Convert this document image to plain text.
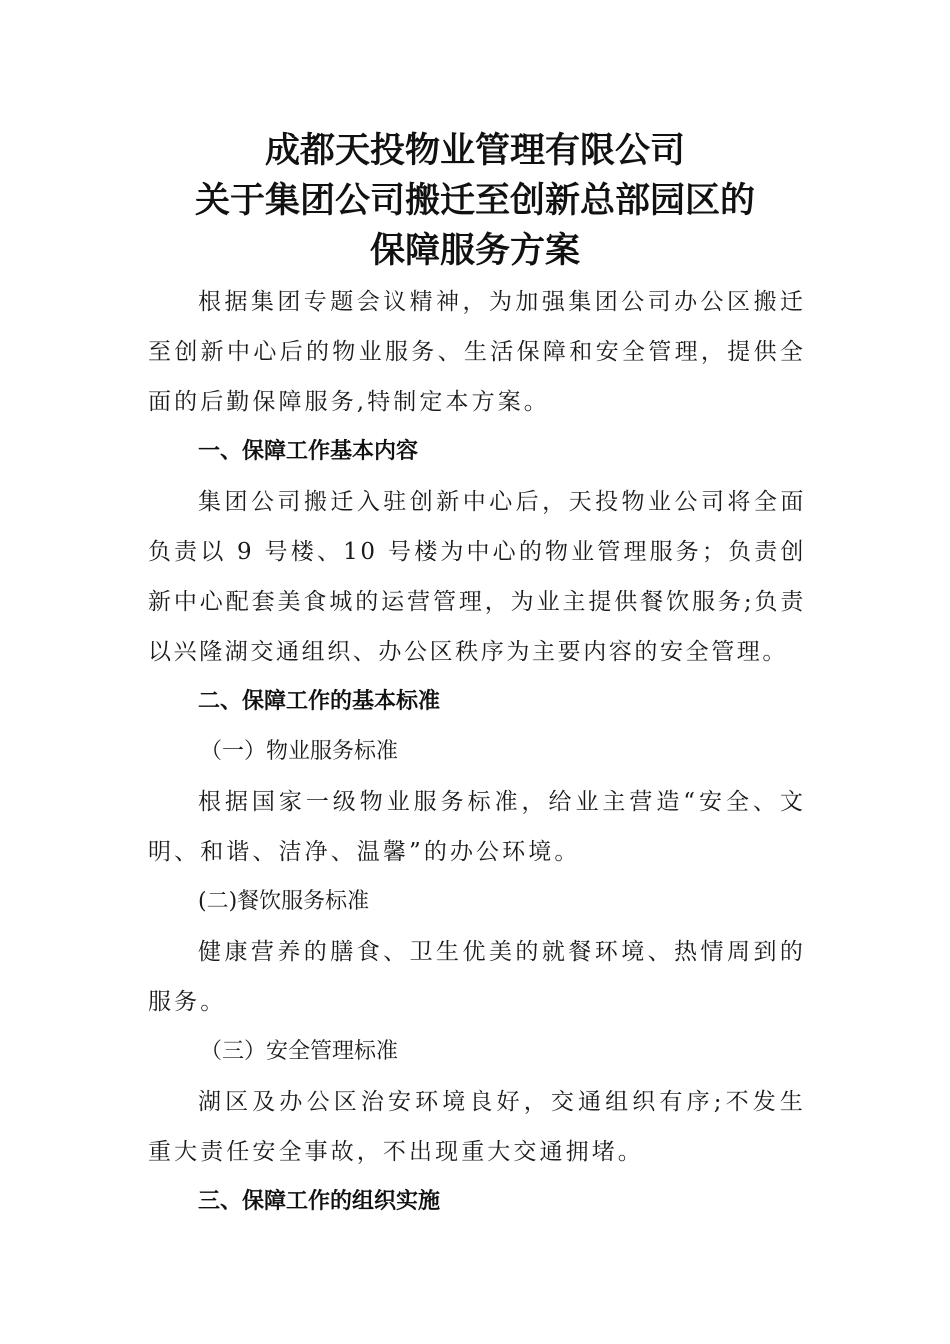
成都天投物业管理有限公司
关于集团公司搬迁至创新总部园区的
保障服务方案

根据集团专题会议精神，为加强集团公司办公区搬迁至创新中心后的物业服务、生活保障和安全管理，提供全面的后勤保障服务,特制定本方案。

一、保障工作基本内容

集团公司搬迁入驻创新中心后，天投物业公司将全面负责以 9 号楼、10 号楼为中心的物业管理服务；负责创新中心配套美食城的运营管理，为业主提供餐饮服务;负责以兴隆湖交通组织、办公区秩序为主要内容的安全管理。

二、保障工作的基本标准
（一）物业服务标准

根据国家一级物业服务标准，给业主营造“安全、文明、和谐、洁净、温馨”的办公环境。

(二)餐饮服务标准

健康营养的膳食、卫生优美的就餐环境、热情周到的服务。

（三）安全管理标准

湖区及办公区治安环境良好，交通组织有序;不发生重大责任安全事故，不出现重大交通拥堵。

三、保障工作的组织实施
